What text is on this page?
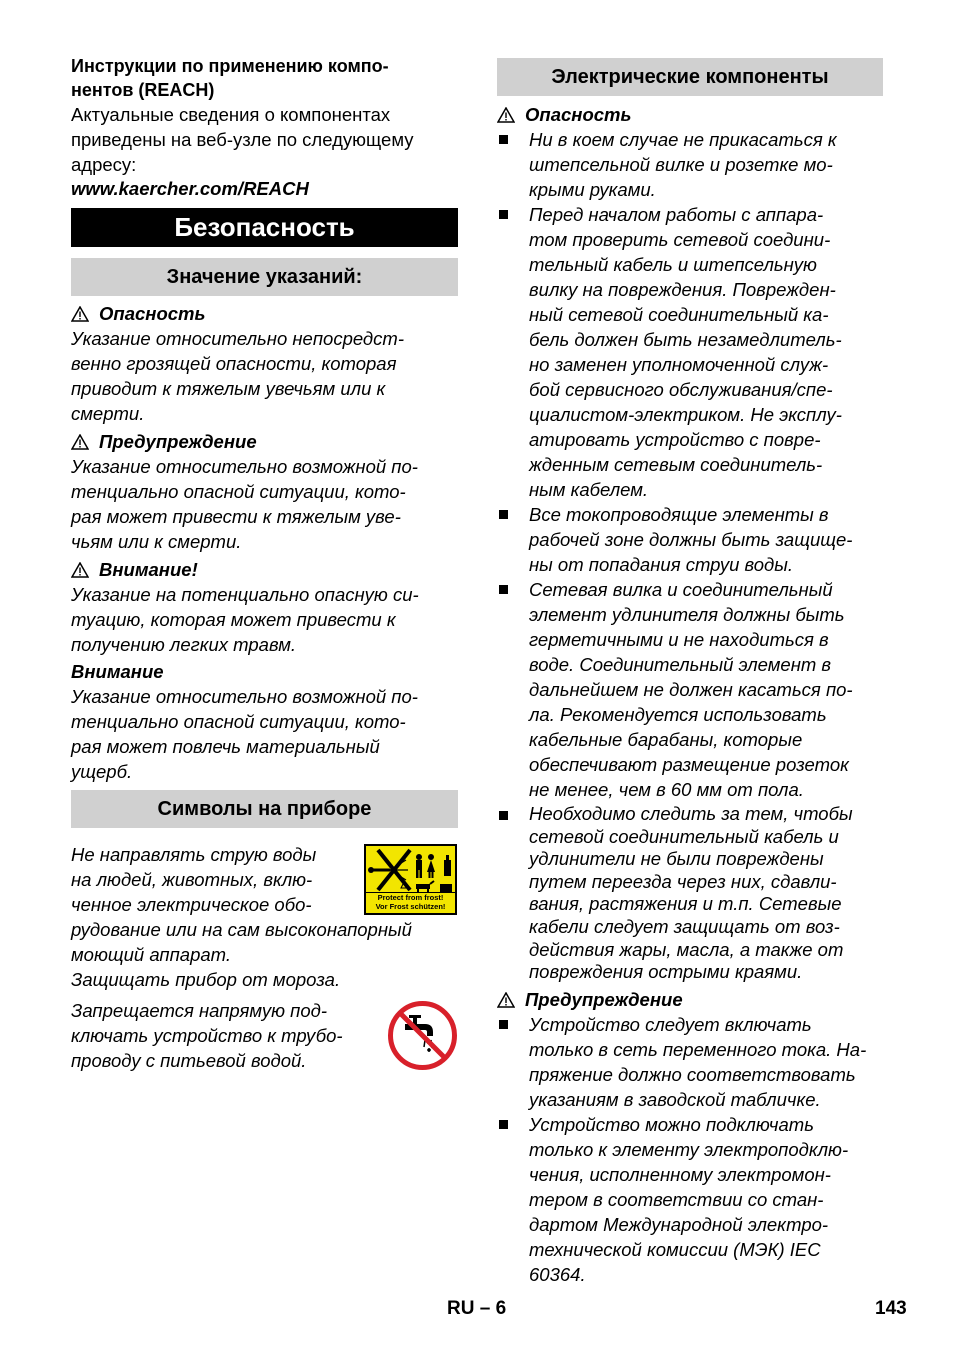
Инструкции по применению компо-
нентов (REACH)
Актуальные сведения о компонентах
приведены на веб-узле по следующему
адресу:
www.kaercher.com/REACH
Безопасность
Значение указаний:
Опасность
Указание относительно непосредст-
венно грозящей опасности, которая
приводит к тяжелым увечьям или к
смерти.
Предупреждение
Указание относительно возможной по-
тенциально опасной ситуации, кото-
рая может привести к тяжелым уве-
чьям или к смерти.
Внимание!
Указание на потенциально опасную си-
туацию, которая может привести к
получению легких травм.
Внимание
Указание относительно возможной по-
тенциально опасной ситуации, кото-
рая может повлечь материальный
ущерб.
Символы на приборе
Не направлять струю воды
на людей, животных, вклю-
ченное электрическое обо-
рудование или на сам высоконапорный
моющий аппарат.
Защищать прибор от мороза.
Protect from frost!
Vor Frost schützen!
Запрещается напрямую под-
ключать устройство к трубо-
проводу с питьевой водой.
Электрические компоненты
Опасность
Ни в коем случае не прикасаться к
штепсельной вилке и розетке мо-
крыми руками.
Перед началом работы с аппара-
том проверить сетевой соедини-
тельный кабель и штепсельную
вилку на повреждения. Поврежден-
ный сетевой соединительный ка-
бель должен быть незамедлитель-
но заменен уполномоченной служ-
бой сервисного обслуживания/спе-
циалистом-электриком. Не эксплу-
атировать устройство с повре-
жденным сетевым соединитель-
ным кабелем.
Все токопроводящие элементы в
рабочей зоне должны быть защище-
ны от попадания струи воды.
Сетевая вилка и соединительный
элемент удлинителя должны быть
герметичными и не находиться в
воде. Соединительный элемент в
дальнейшем не должен касаться по-
ла. Рекомендуется использовать
кабельные барабаны, которые
обеспечивают размещение розеток
не менее, чем в 60 мм от пола.
Необходимо следить за тем, чтобы
сетевой соединительный кабель и
удлинители не были повреждены
путем переезда через них, сдавли-
вания, растяжения и т.п. Сетевые
кабели следует защищать от воз-
действия жары, масла, а также от
повреждения острыми краями.
Предупреждение
Устройство следует включать
только в сеть переменного тока. На-
пряжение должно соответствовать
указаниям в заводской табличке.
Устройство можно подключать
только к элементу электроподклю-
чения, исполненному электромон-
тером в соответствии со стан-
дартом Международной электро-
технической комиссии (МЭК) IEC
60364.
RU – 6	143
